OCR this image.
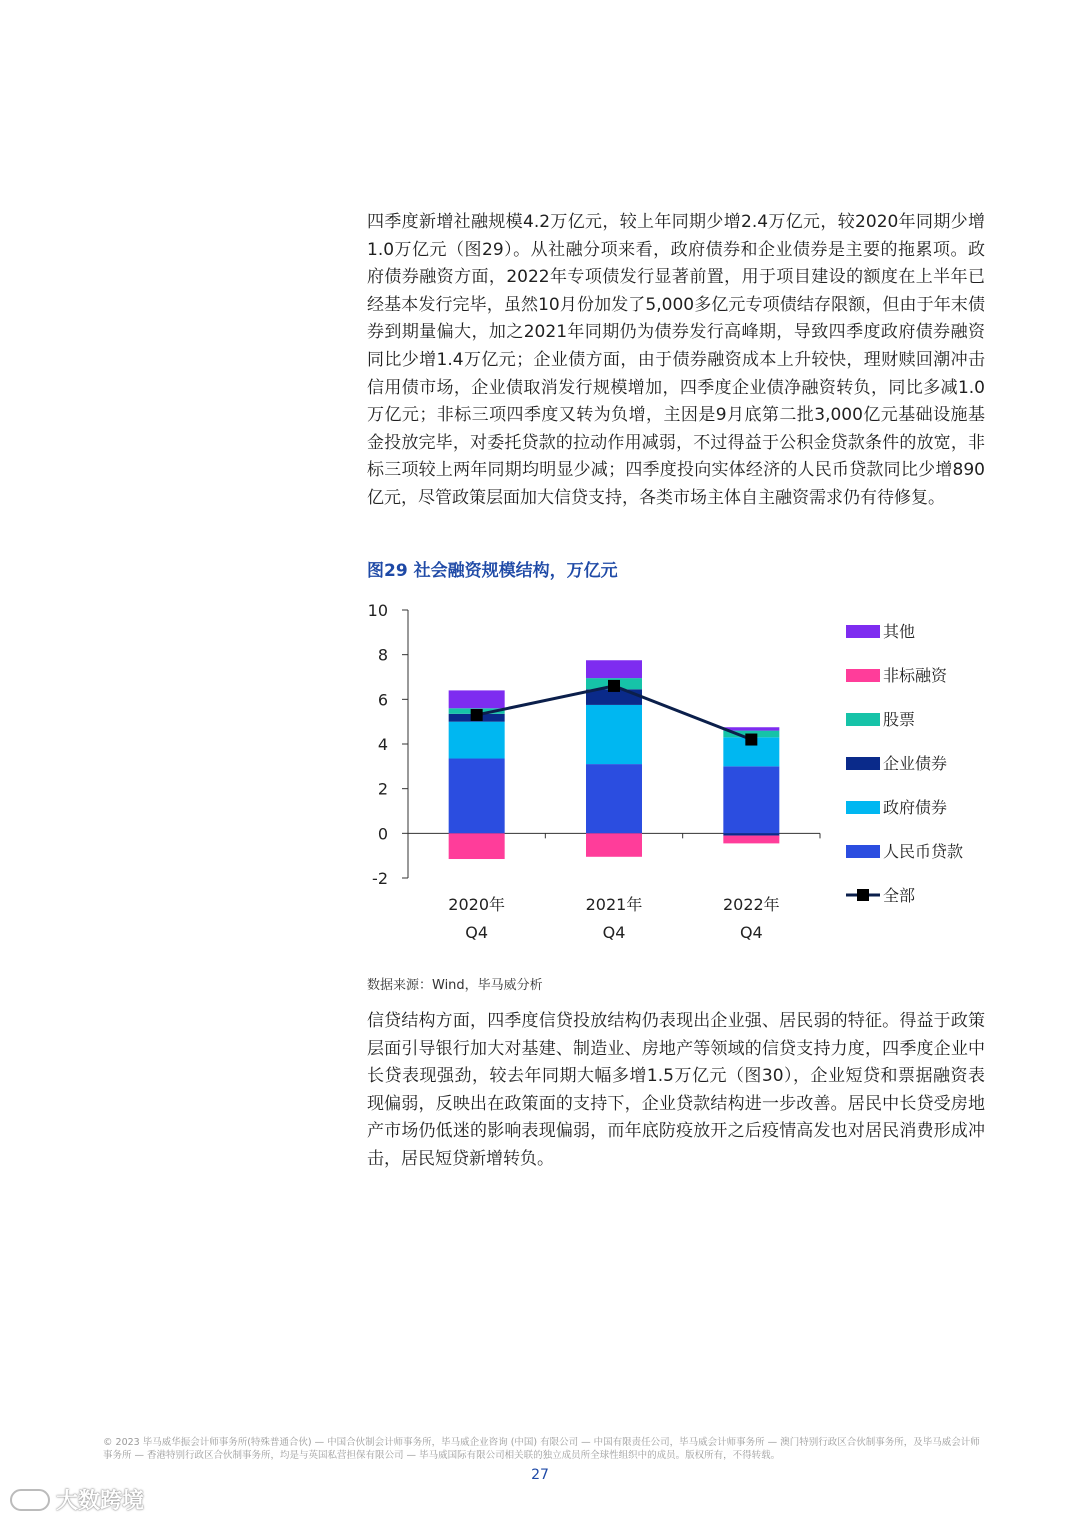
四季度新增社融规模4.2万亿元，较上年同期少增2.4万亿元，较2020年同期少增1.0万亿元（图29）。从社融分项来看，政府债券和企业债券是主要的拖累项。政府债券融资方面，2022年专项债发行显著前置，用于项目建设的额度在上半年已经基本发行完毕，虽然10月份加发了5,000多亿元专项债结存限额，但由于年末债券到期量偏大，加之2021年同期仍为债券发行高峰期，导致四季度政府债券融资同比少增1.4万亿元；企业债方面，由于债券融资成本上升较快，理财赎回潮冲击信用债市场，企业债取消发行规模增加，四季度企业债净融资转负，同比多减1.0万亿元；非标三项四季度又转为负增，主因是9月底第二批3,000亿元基础设施基金投放完毕，对委托贷款的拉动作用减弱，不过得益于公积金贷款条件的放宽，非标三项较上两年同期均明显少减；四季度投向实体经济的人民币贷款同比少增890亿元，尽管政策层面加大信贷支持，各类市场主体自主融资需求仍有待修复。

图29 社会融资规模结构，万亿元
10
8
6
4
2
0
-2
2020年
Q4
2021年
Q4
2022年
Q4
其他
非标融资
股票
企业债券
政府债券
人民币贷款
全部
数据来源：Wind，毕马威分析

信贷结构方面，四季度信贷投放结构仍表现出企业强、居民弱的特征。得益于政策层面引导银行加大对基建、制造业、房地产等领域的信贷支持力度，四季度企业中长贷表现强劲，较去年同期大幅多增1.5万亿元（图30），企业短贷和票据融资表现偏弱，反映出在政策面的支持下，企业贷款结构进一步改善。居民中长贷受房地产市场仍低迷的影响表现偏弱，而年底防疫放开之后疫情高发也对居民消费形成冲击，居民短贷新增转负。

© 2023 毕马威华振会计师事务所(特殊普通合伙) — 中国合伙制会计师事务所，毕马威企业咨询 (中国) 有限公司 — 中国有限责任公司，毕马威会计师事务所 — 澳门特别行政区合伙制事务所，及毕马威会计师事务所 — 香港特别行政区合伙制事务所，均是与英国私营担保有限公司 — 毕马威国际有限公司相关联的独立成员所全球性组织中的成员。版权所有，不得转载。
27
大数跨境
